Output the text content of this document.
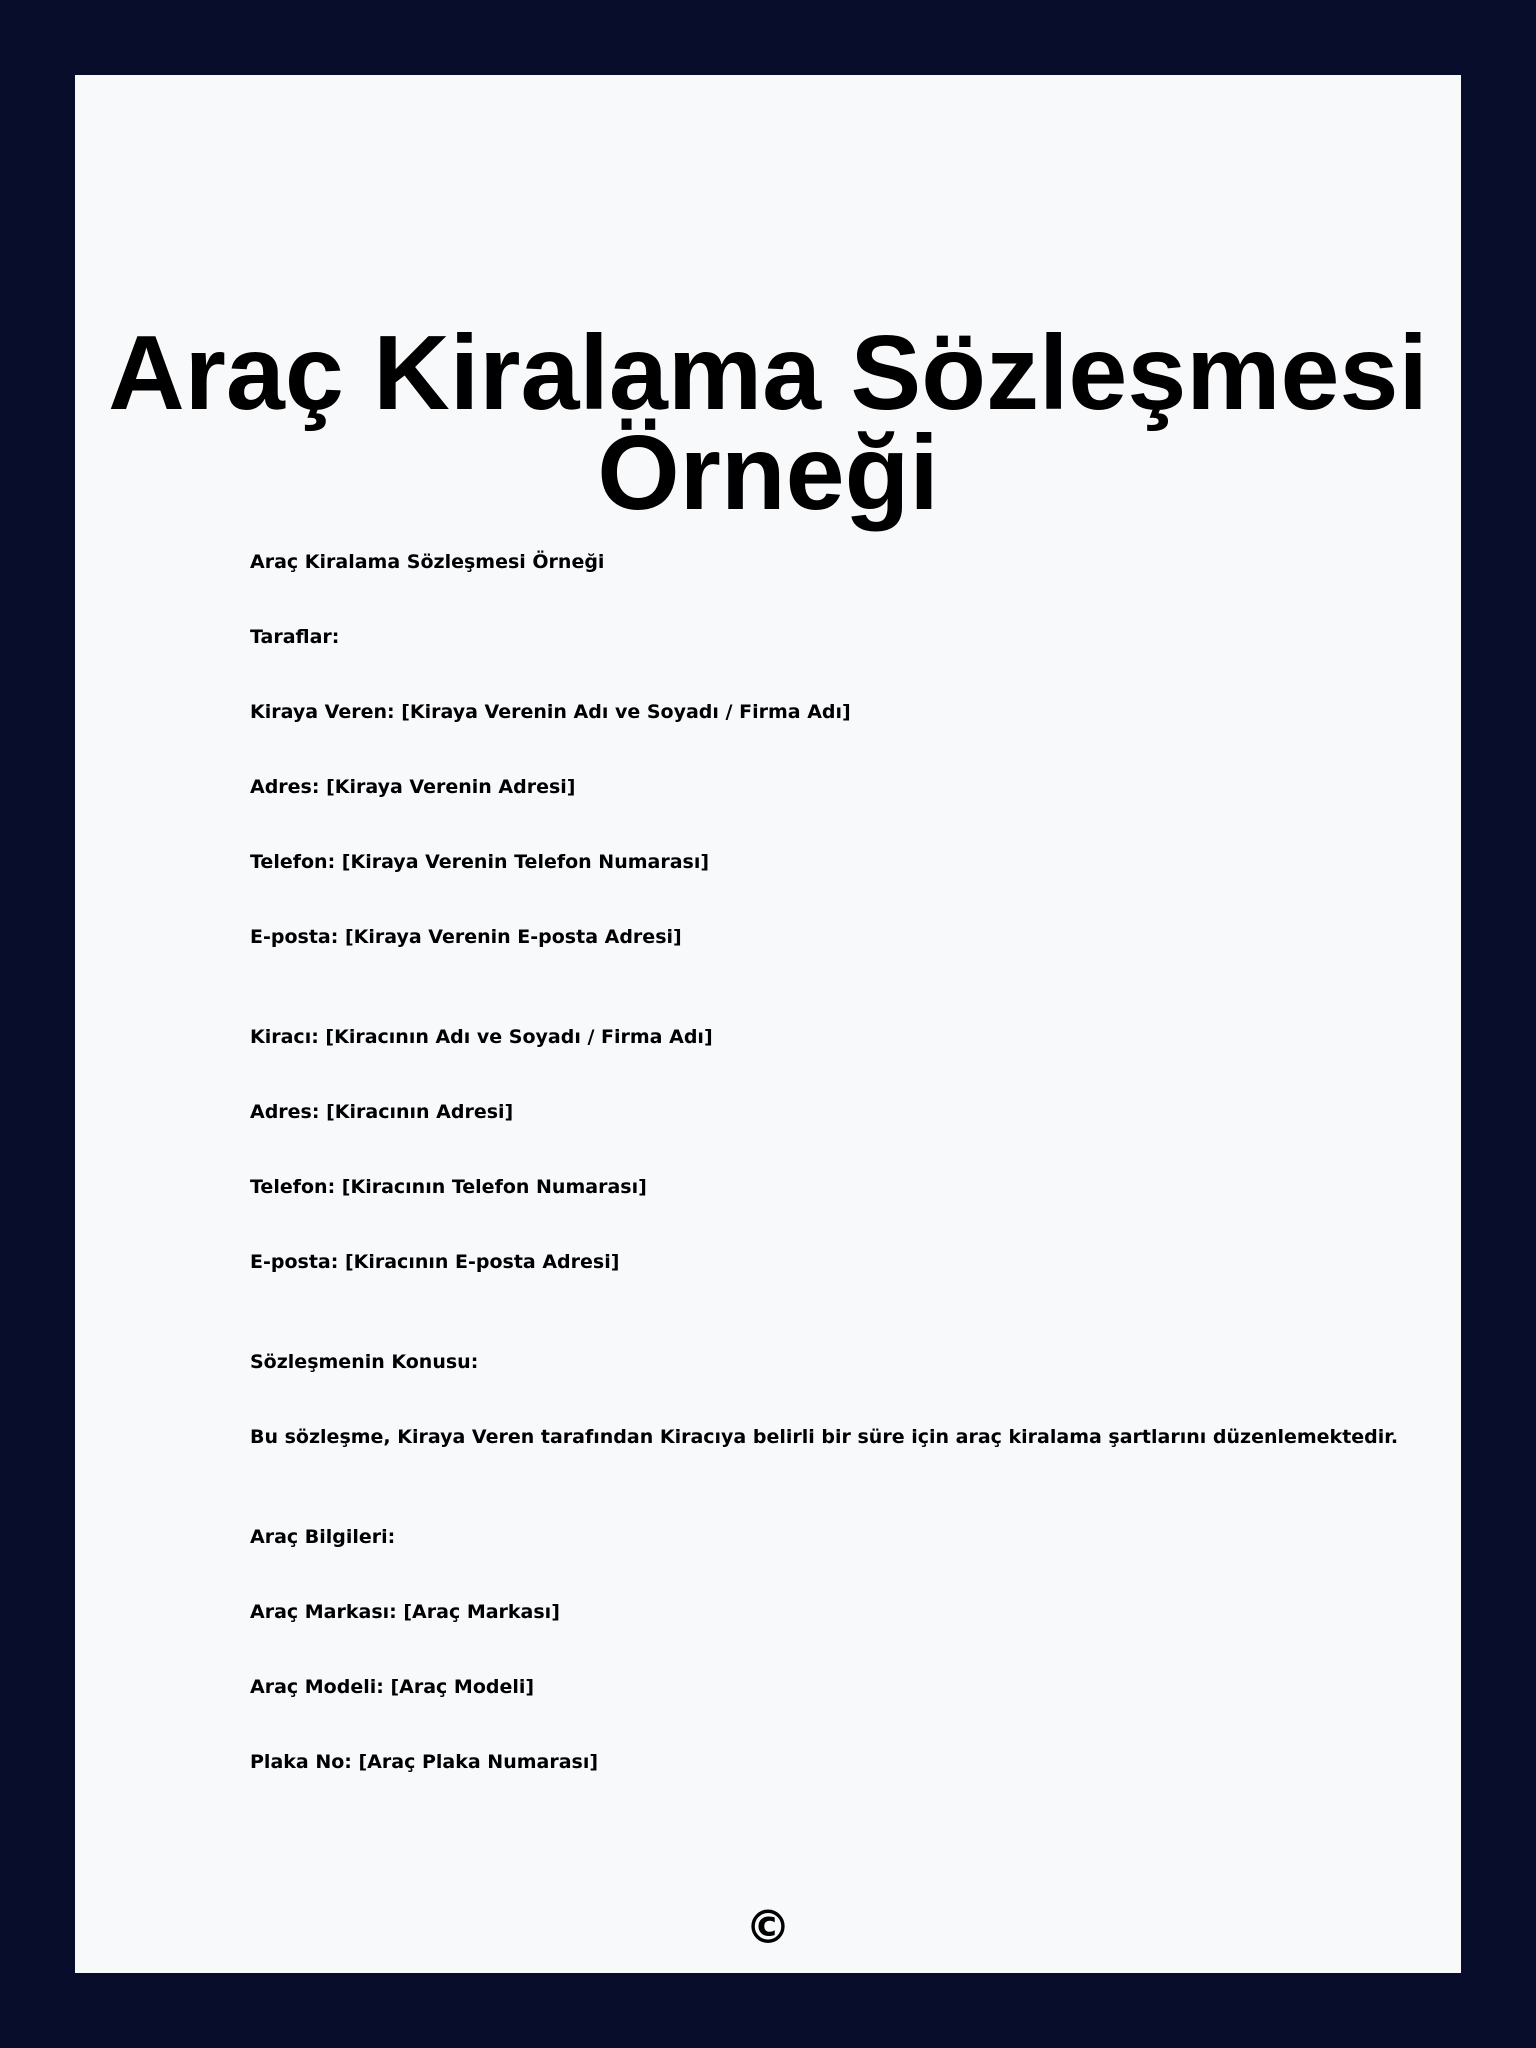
Araç Kiralama Sözleşmesi Örneği
Araç Kiralama Sözleşmesi Örneği
Taraflar:
Kiraya Veren: [Kiraya Verenin Adı ve Soyadı / Firma Adı]
Adres: [Kiraya Verenin Adresi]
Telefon: [Kiraya Verenin Telefon Numarası]
E-posta: [Kiraya Verenin E-posta Adresi]
Kiracı: [Kiracının Adı ve Soyadı / Firma Adı]
Adres: [Kiracının Adresi]
Telefon: [Kiracının Telefon Numarası]
E-posta: [Kiracının E-posta Adresi]
Sözleşmenin Konusu:
Bu sözleşme, Kiraya Veren tarafından Kiracıya belirli bir süre için araç kiralama şartlarını düzenlemektedir.
Araç Bilgileri:
Araç Markası: [Araç Markası]
Araç Modeli: [Araç Modeli]
Plaka No: [Araç Plaka Numarası]
©
